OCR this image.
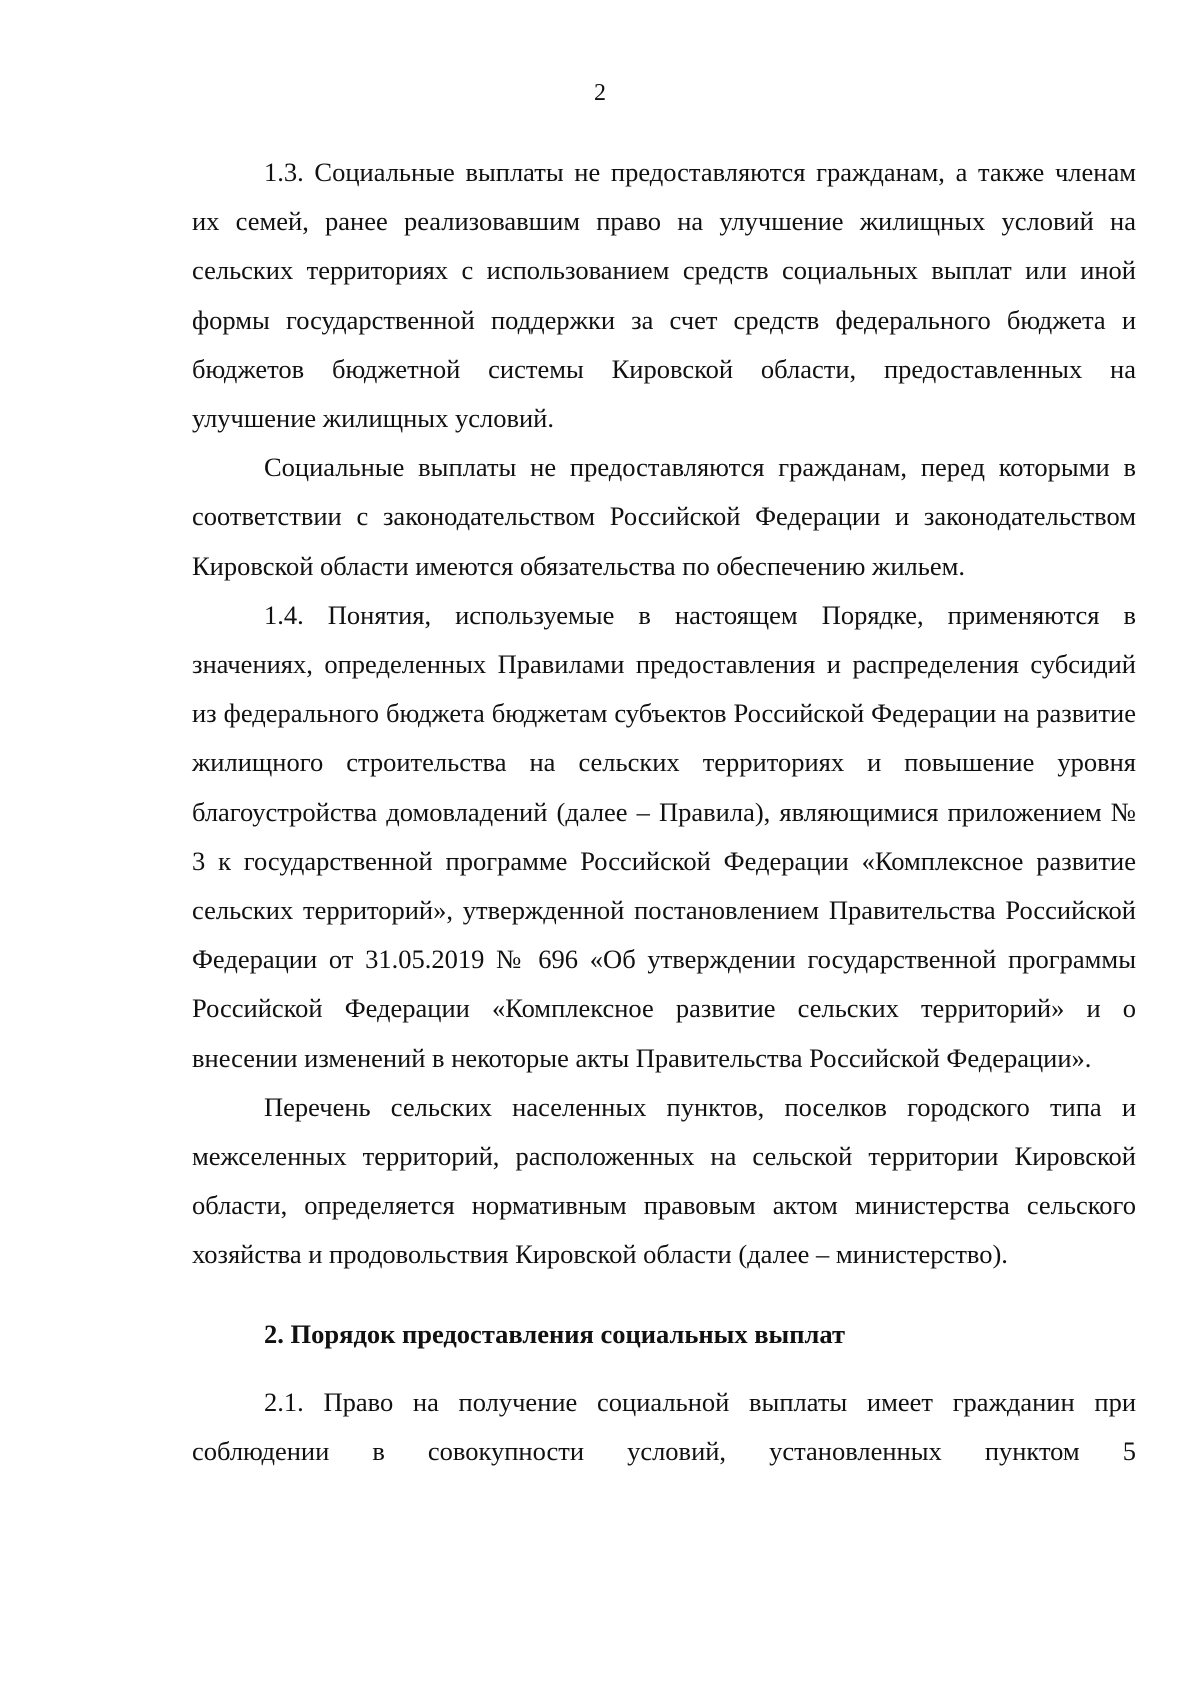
2

1.3. Социальные выплаты не предоставляются гражданам, а также членам их семей, ранее реализовавшим право на улучшение жилищных условий на сельских территориях с использованием средств социальных выплат или иной формы государственной поддержки за счет средств федерального бюджета и бюджетов бюджетной системы Кировской области, предоставленных на улучшение жилищных условий.

Социальные выплаты не предоставляются гражданам, перед которыми в соответствии с законодательством Российской Федерации и законодательством Кировской области имеются обязательства по обеспечению жильем.

1.4. Понятия, используемые в настоящем Порядке, применяются в значениях, определенных Правилами предоставления и распределения субсидий из федерального бюджета бюджетам субъектов Российской Федерации на развитие жилищного строительства на сельских территориях и повышение уровня благоустройства домовладений (далее – Правила), являющимися приложением № 3 к государственной программе Российской Федерации «Комплексное развитие сельских территорий», утвержденной постановлением Правительства Российской Федерации от 31.05.2019 № 696 «Об утверждении государственной программы Российской Федерации «Комплексное развитие сельских территорий» и о внесении изменений в некоторые акты Правительства Российской Федерации».

Перечень сельских населенных пунктов, поселков городского типа и межселенных территорий, расположенных на сельской территории Кировской области, определяется нормативным правовым актом министерства сельского хозяйства и продовольствия Кировской области (далее – министерство).

2. Порядок предоставления социальных выплат

2.1. Право на получение социальной выплаты имеет гражданин при соблюдении в совокупности условий, установленных пунктом 5
